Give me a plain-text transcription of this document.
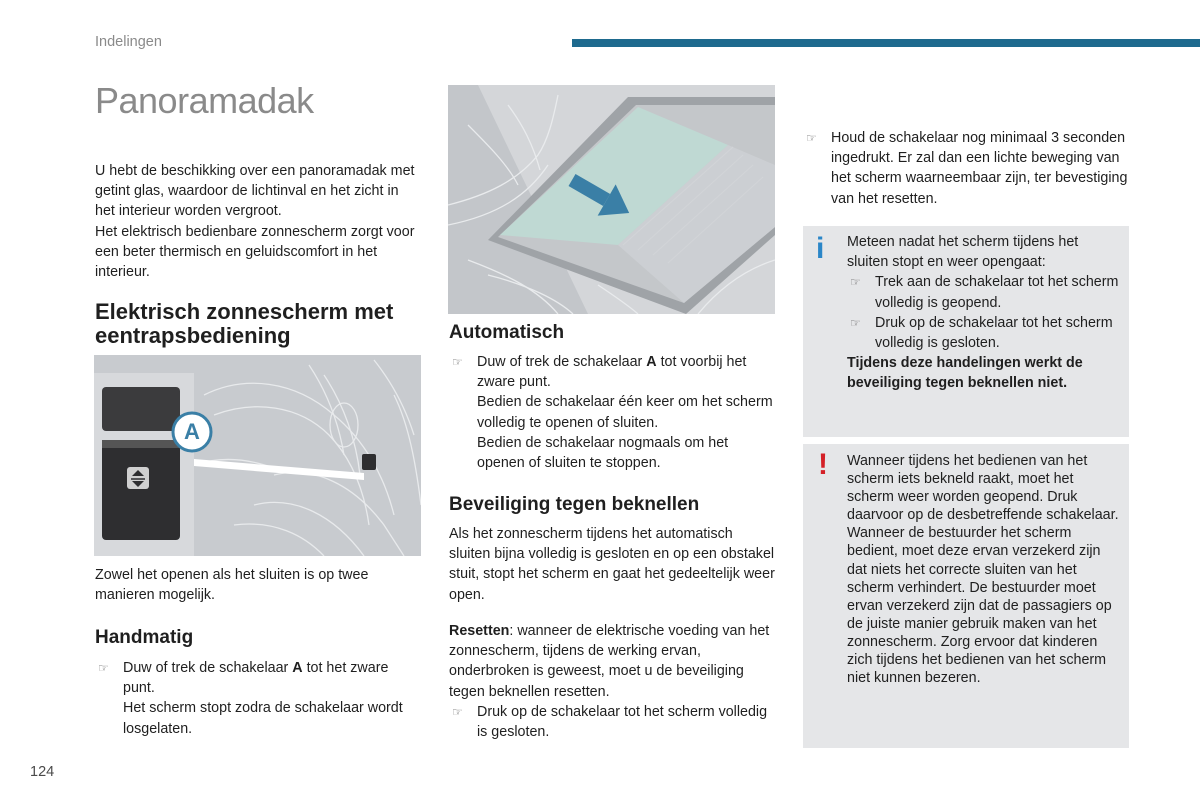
Indelingen
124
Panoramadak

U hebt de beschikking over een panoramadak met getint glas, waardoor de lichtinval en het zicht in het interieur worden vergroot.

Het elektrisch bedienbare zonnescherm zorgt voor een beter thermisch en geluidscomfort in het interieur.

Elektrisch zonnescherm met eentrapsbediening
A

Zowel het openen als het sluiten is op twee manieren mogelijk.

Handmatig
☞ Duw of trek de schakelaar A tot het zware punt.

Het scherm stopt zodra de schakelaar wordt losgelaten.

Automatisch
☞ Duw of trek de schakelaar A tot voorbij het zware punt.

Bedien de schakelaar één keer om het scherm volledig te openen of sluiten.

Bedien de schakelaar nogmaals om het openen of sluiten te stoppen.

Beveiliging tegen beknellen

Als het zonnescherm tijdens het automatisch sluiten bijna volledig is gesloten en op een obstakel stuit, stopt het scherm en gaat het gedeeltelijk weer open.

Resetten: wanneer de elektrische voeding van het zonnescherm, tijdens de werking ervan, onderbroken is geweest, moet u de beveiliging tegen beknellen resetten.

☞ Druk op de schakelaar tot het scherm volledig is gesloten.
☞ Houd de schakelaar nog minimaal 3 seconden ingedrukt. Er zal dan een lichte beweging van het scherm waarneembaar zijn, ter bevestiging van het resetten.
i Meteen nadat het scherm tijdens het sluiten stopt en weer opengaat:

☞ Trek aan de schakelaar tot het scherm volledig is geopend.
☞ Druk op de schakelaar tot het scherm volledig is gesloten.

Tijdens deze handelingen werkt de beveiliging tegen beknellen niet.

! Wanneer tijdens het bedienen van het scherm iets bekneld raakt, moet het scherm weer worden geopend. Druk daarvoor op de desbetreffende schakelaar. Wanneer de bestuurder het scherm bedient, moet deze ervan verzekerd zijn dat niets het correcte sluiten van het scherm verhindert. De bestuurder moet ervan verzekerd zijn dat de passagiers op de juiste manier gebruik maken van het zonnescherm. Zorg ervoor dat kinderen zich tijdens het bedienen van het scherm niet kunnen bezeren.
